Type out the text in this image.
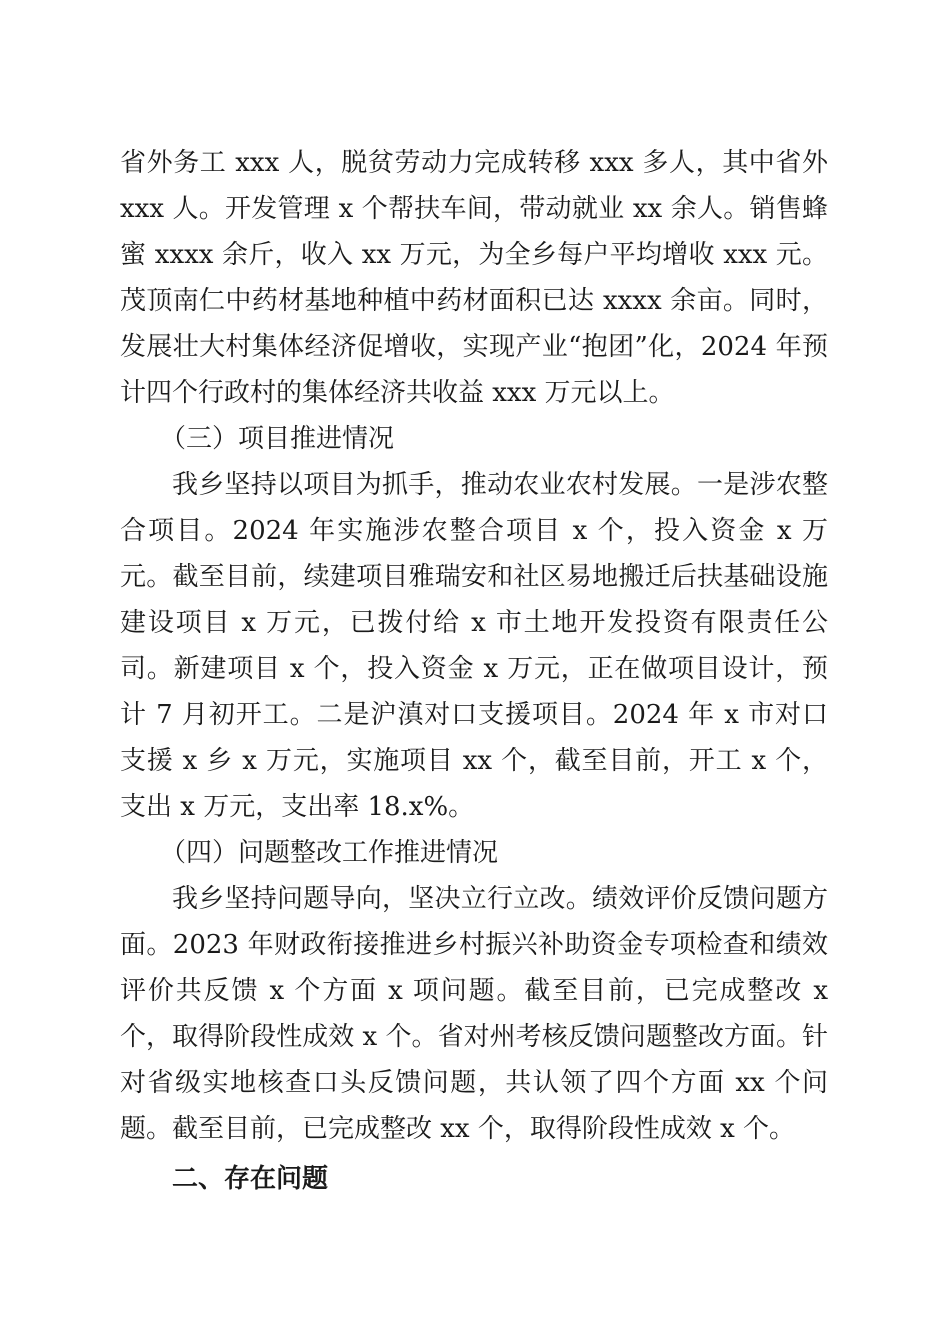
省外务工 xxx 人，脱贫劳动力完成转移 xxx 多人，其中省外 xxx 人。开发管理 x 个帮扶车间，带动就业 xx 余人。销售蜂蜜 xxxx 余斤，收入 xx 万元，为全乡每户平均增收 xxx 元。茂顶南仁中药材基地种植中药材面积已达 xxxx 余亩。同时，发展壮大村集体经济促增收，实现产业“抱团”化，2024 年预计四个行政村的集体经济共收益 xxx 万元以上。

（三）项目推进情况

我乡坚持以项目为抓手，推动农业农村发展。一是涉农整合项目。2024 年实施涉农整合项目 x 个，投入资金 x 万元。截至目前，续建项目雅瑞安和社区易地搬迁后扶基础设施建设项目 x 万元，已拨付给 x 市土地开发投资有限责任公司。新建项目 x 个，投入资金 x 万元，正在做项目设计，预计 7 月初开工。二是沪滇对口支援项目。2024 年 x 市对口支援 x 乡 x 万元，实施项目 xx 个，截至目前，开工 x 个，支出 x 万元，支出率 18.x%。

（四）问题整改工作推进情况

我乡坚持问题导向，坚决立行立改。绩效评价反馈问题方面。2023 年财政衔接推进乡村振兴补助资金专项检查和绩效评价共反馈 x 个方面 x 项问题。截至目前，已完成整改 x 个，取得阶段性成效 x 个。省对州考核反馈问题整改方面。针对省级实地核查口头反馈问题，共认领了四个方面 xx 个问题。截至目前，已完成整改 xx 个，取得阶段性成效 x 个。

二、存在问题
